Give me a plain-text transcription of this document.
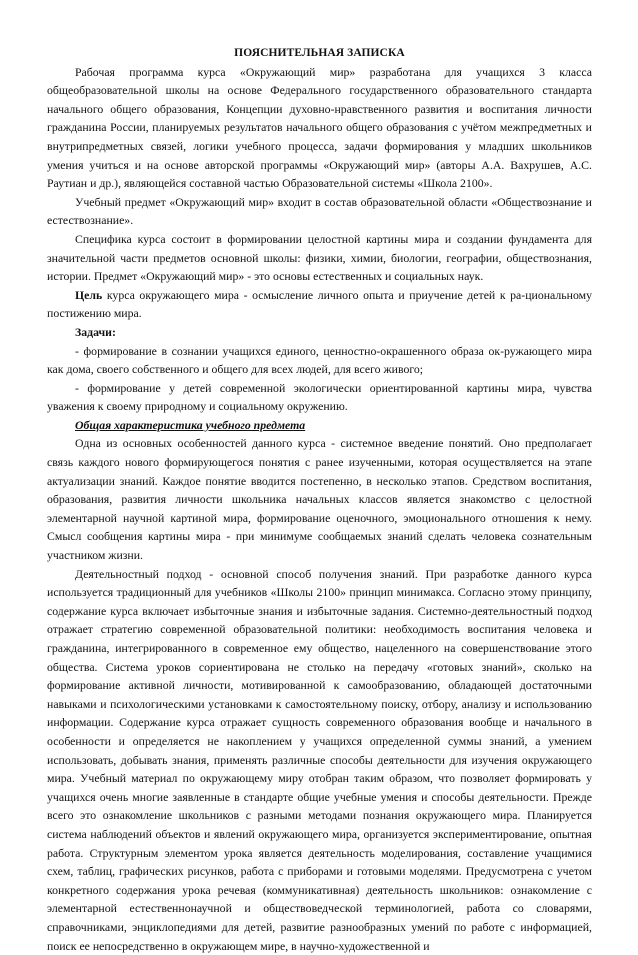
ПОЯСНИТЕЛЬНАЯ ЗАПИСКА

Рабочая программа курса «Окружающий мир» разработана для учащихся 3 класса общеобразовательной школы на основе Федерального государственного образовательного стандарта начального общего образования, Концепции духовно-нравственного развития и воспитания личности гражданина России, планируемых результатов начального общего образования с учётом межпредметных и внутрипредметных связей, логики учебного процесса, задачи формирования у младших школьников умения учиться и на основе авторской программы «Окружающий мир» (авторы А.А. Вахрушев, А.С. Раутиан и др.), являющейся составной частью Образовательной системы «Школа 2100».

Учебный предмет «Окружающий мир» входит в состав образовательной области «Обществознание и естествознание».

Специфика курса состоит в формировании целостной картины мира и создании фундамента для значительной части предметов основной школы: физики, химии, биологии, географии, обществознания, истории. Предмет «Окружающий мир» - это основы естественных и социальных наук.

Цель курса окружающего мира - осмысление личного опыта и приучение детей к ра-циональному постижению мира.

Задачи:

- формирование в сознании учащихся единого, ценностно-окрашенного образа ок-ружающего мира как дома, своего собственного и общего для всех людей, для всего живого;

- формирование у детей современной экологически ориентированной картины мира, чувства уважения к своему природному и социальному окружению.

Общая характеристика учебного предмета

Одна из основных особенностей данного курса - системное введение понятий. Оно предполагает связь каждого нового формирующегося понятия с ранее изученными, которая осуществляется на этапе актуализации знаний. Каждое понятие вводится постепенно, в несколько этапов. Средством воспитания, образования, развития личности школьника начальных классов является знакомство с целостной элементарной научной картиной мира, формирование оценочного, эмоционального отношения к нему. Смысл сообщения картины мира - при минимуме сообщаемых знаний сделать человека сознательным участником жизни.

Деятельностный подход - основной способ получения знаний. При разработке данного курса используется традиционный для учебников «Школы 2100» принцип минимакса. Согласно этому принципу, содержание курса включает избыточные знания и избыточные задания. Системно-деятельностный подход отражает стратегию современной образовательной политики: необходимость воспитания человека и гражданина, интегрированного в современное ему общество, нацеленного на совершенствование этого общества. Система уроков сориентирована не столько на передачу «готовых знаний», сколько на формирование активной личности, мотивированной к самообразованию, обладающей достаточными навыками и психологическими установками к самостоятельному поиску, отбору, анализу и использованию информации. Содержание курса отражает сущность современного образования вообще и начального в особенности и определяется не накоплением у учащихся определенной суммы знаний, а умением использовать, добывать знания, применять различные способы деятельности для изучения окружающего мира. Учебный материал по окружающему миру отобран таким образом, что позволяет формировать у учащихся очень многие заявленные в стандарте общие учебные умения и способы деятельности. Прежде всего это ознакомление школьников с разными методами познания окружающего мира. Планируется система наблюдений объектов и явлений окружающего мира, организуется экспериментирование, опытная работа. Структурным элементом урока является деятельность моделирования, составление учащимися схем, таблиц, графических рисунков, работа с приборами и готовыми моделями. Предусмотрена с учетом конкретного содержания урока речевая (коммуникативная) деятельность школьников: ознакомление с элементарной естественнонаучной и обществоведческой терминологией, работа со словарями, справочниками, энциклопедиями для детей, развитие разнообразных умений по работе с информацией, поиск ее непосредственно в окружающем мире, в научно-художественной и
